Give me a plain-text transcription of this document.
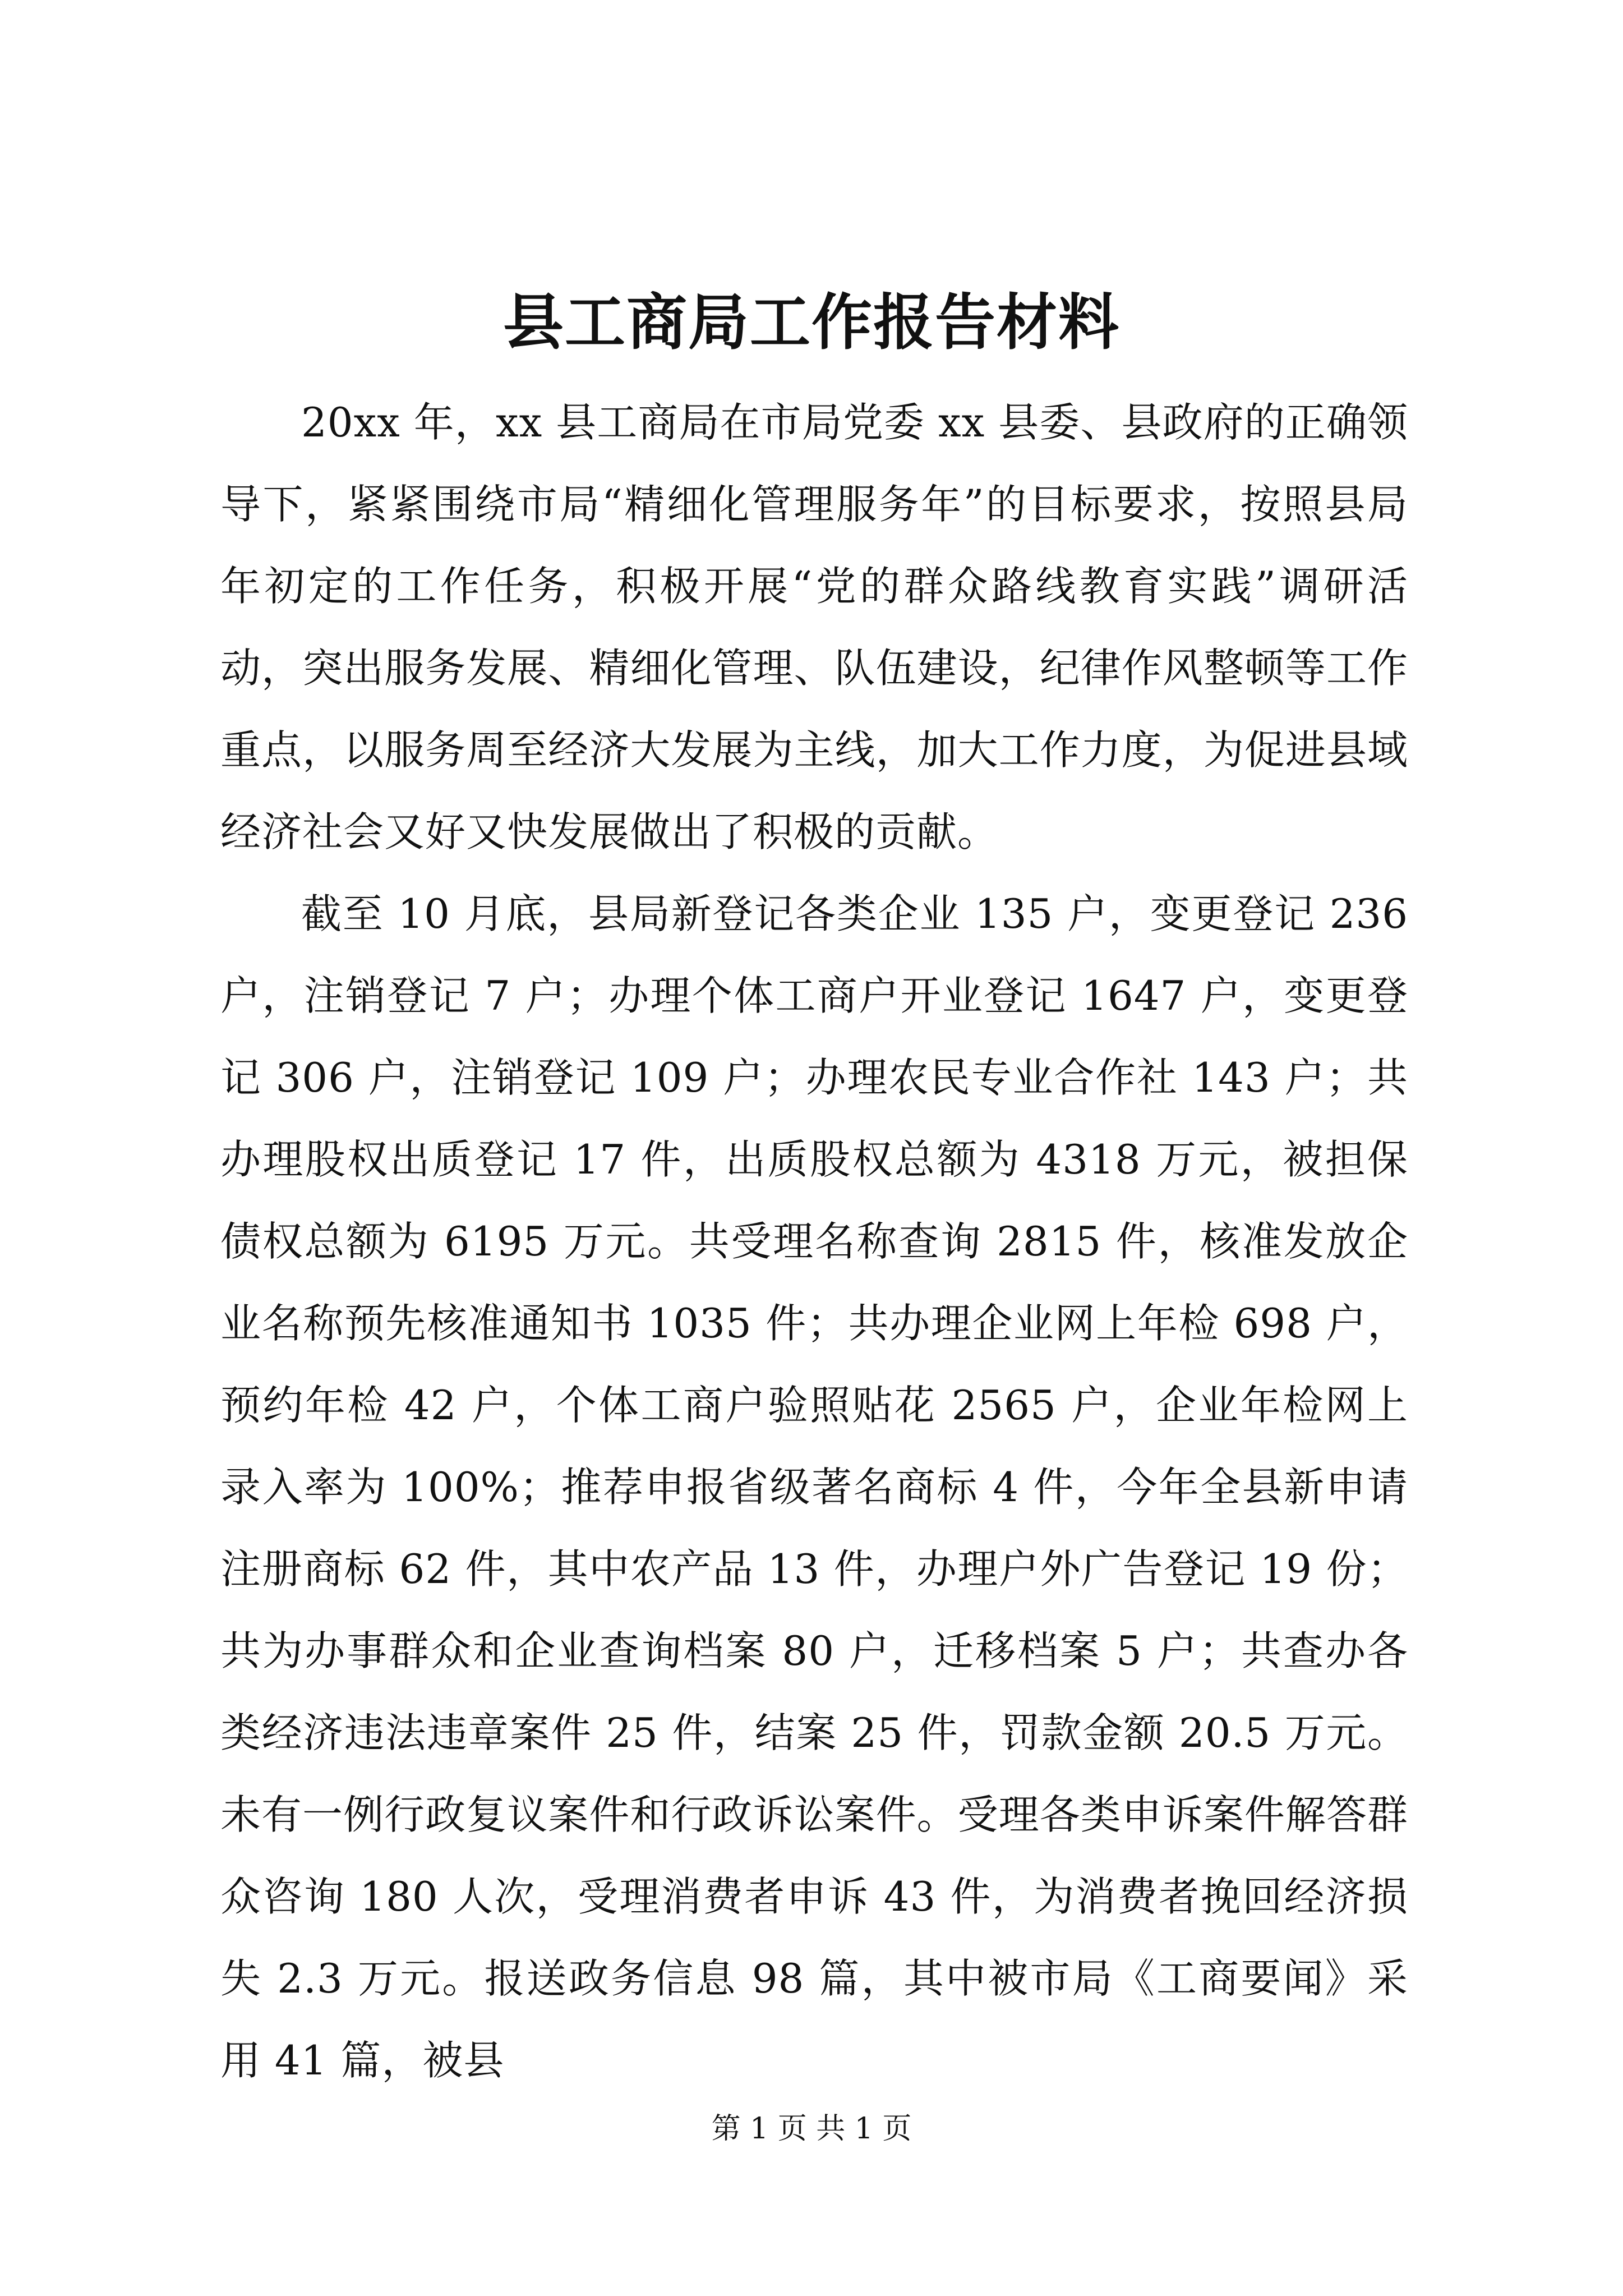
县工商局工作报告材料

20xx 年，xx 县工商局在市局党委 xx 县委、县政府的正确领导下，紧紧围绕市局“精细化管理服务年”的目标要求，按照县局年初定的工作任务，积极开展“党的群众路线教育实践”调研活动，突出服务发展、精细化管理、队伍建设，纪律作风整顿等工作重点，以服务周至经济大发展为主线，加大工作力度，为促进县域经济社会又好又快发展做出了积极的贡献。

截至 10 月底，县局新登记各类企业 135 户，变更登记 236 户，注销登记 7 户；办理个体工商户开业登记 1647 户，变更登记 306 户，注销登记 109 户；办理农民专业合作社 143 户；共办理股权出质登记 17 件，出质股权总额为 4318 万元，被担保债权总额为 6195 万元。共受理名称查询 2815 件，核准发放企业名称预先核准通知书 1035 件；共办理企业网上年检 698 户，预约年检 42 户，个体工商户验照贴花 2565 户，企业年检网上录入率为 100%；推荐申报省级著名商标 4 件，今年全县新申请注册商标 62 件，其中农产品 13 件，办理户外广告登记 19 份；共为办事群众和企业查询档案 80 户，迁移档案 5 户；共查办各类经济违法违章案件 25 件，结案 25 件，罚款金额 20.5 万元。未有一例行政复议案件和行政诉讼案件。受理各类申诉案件解答群众咨询 180 人次，受理消费者申诉 43 件，为消费者挽回经济损失 2.3 万元。报送政务信息 98 篇，其中被市局《工商要闻》采用 41 篇，被县

第 1 页 共 1 页
